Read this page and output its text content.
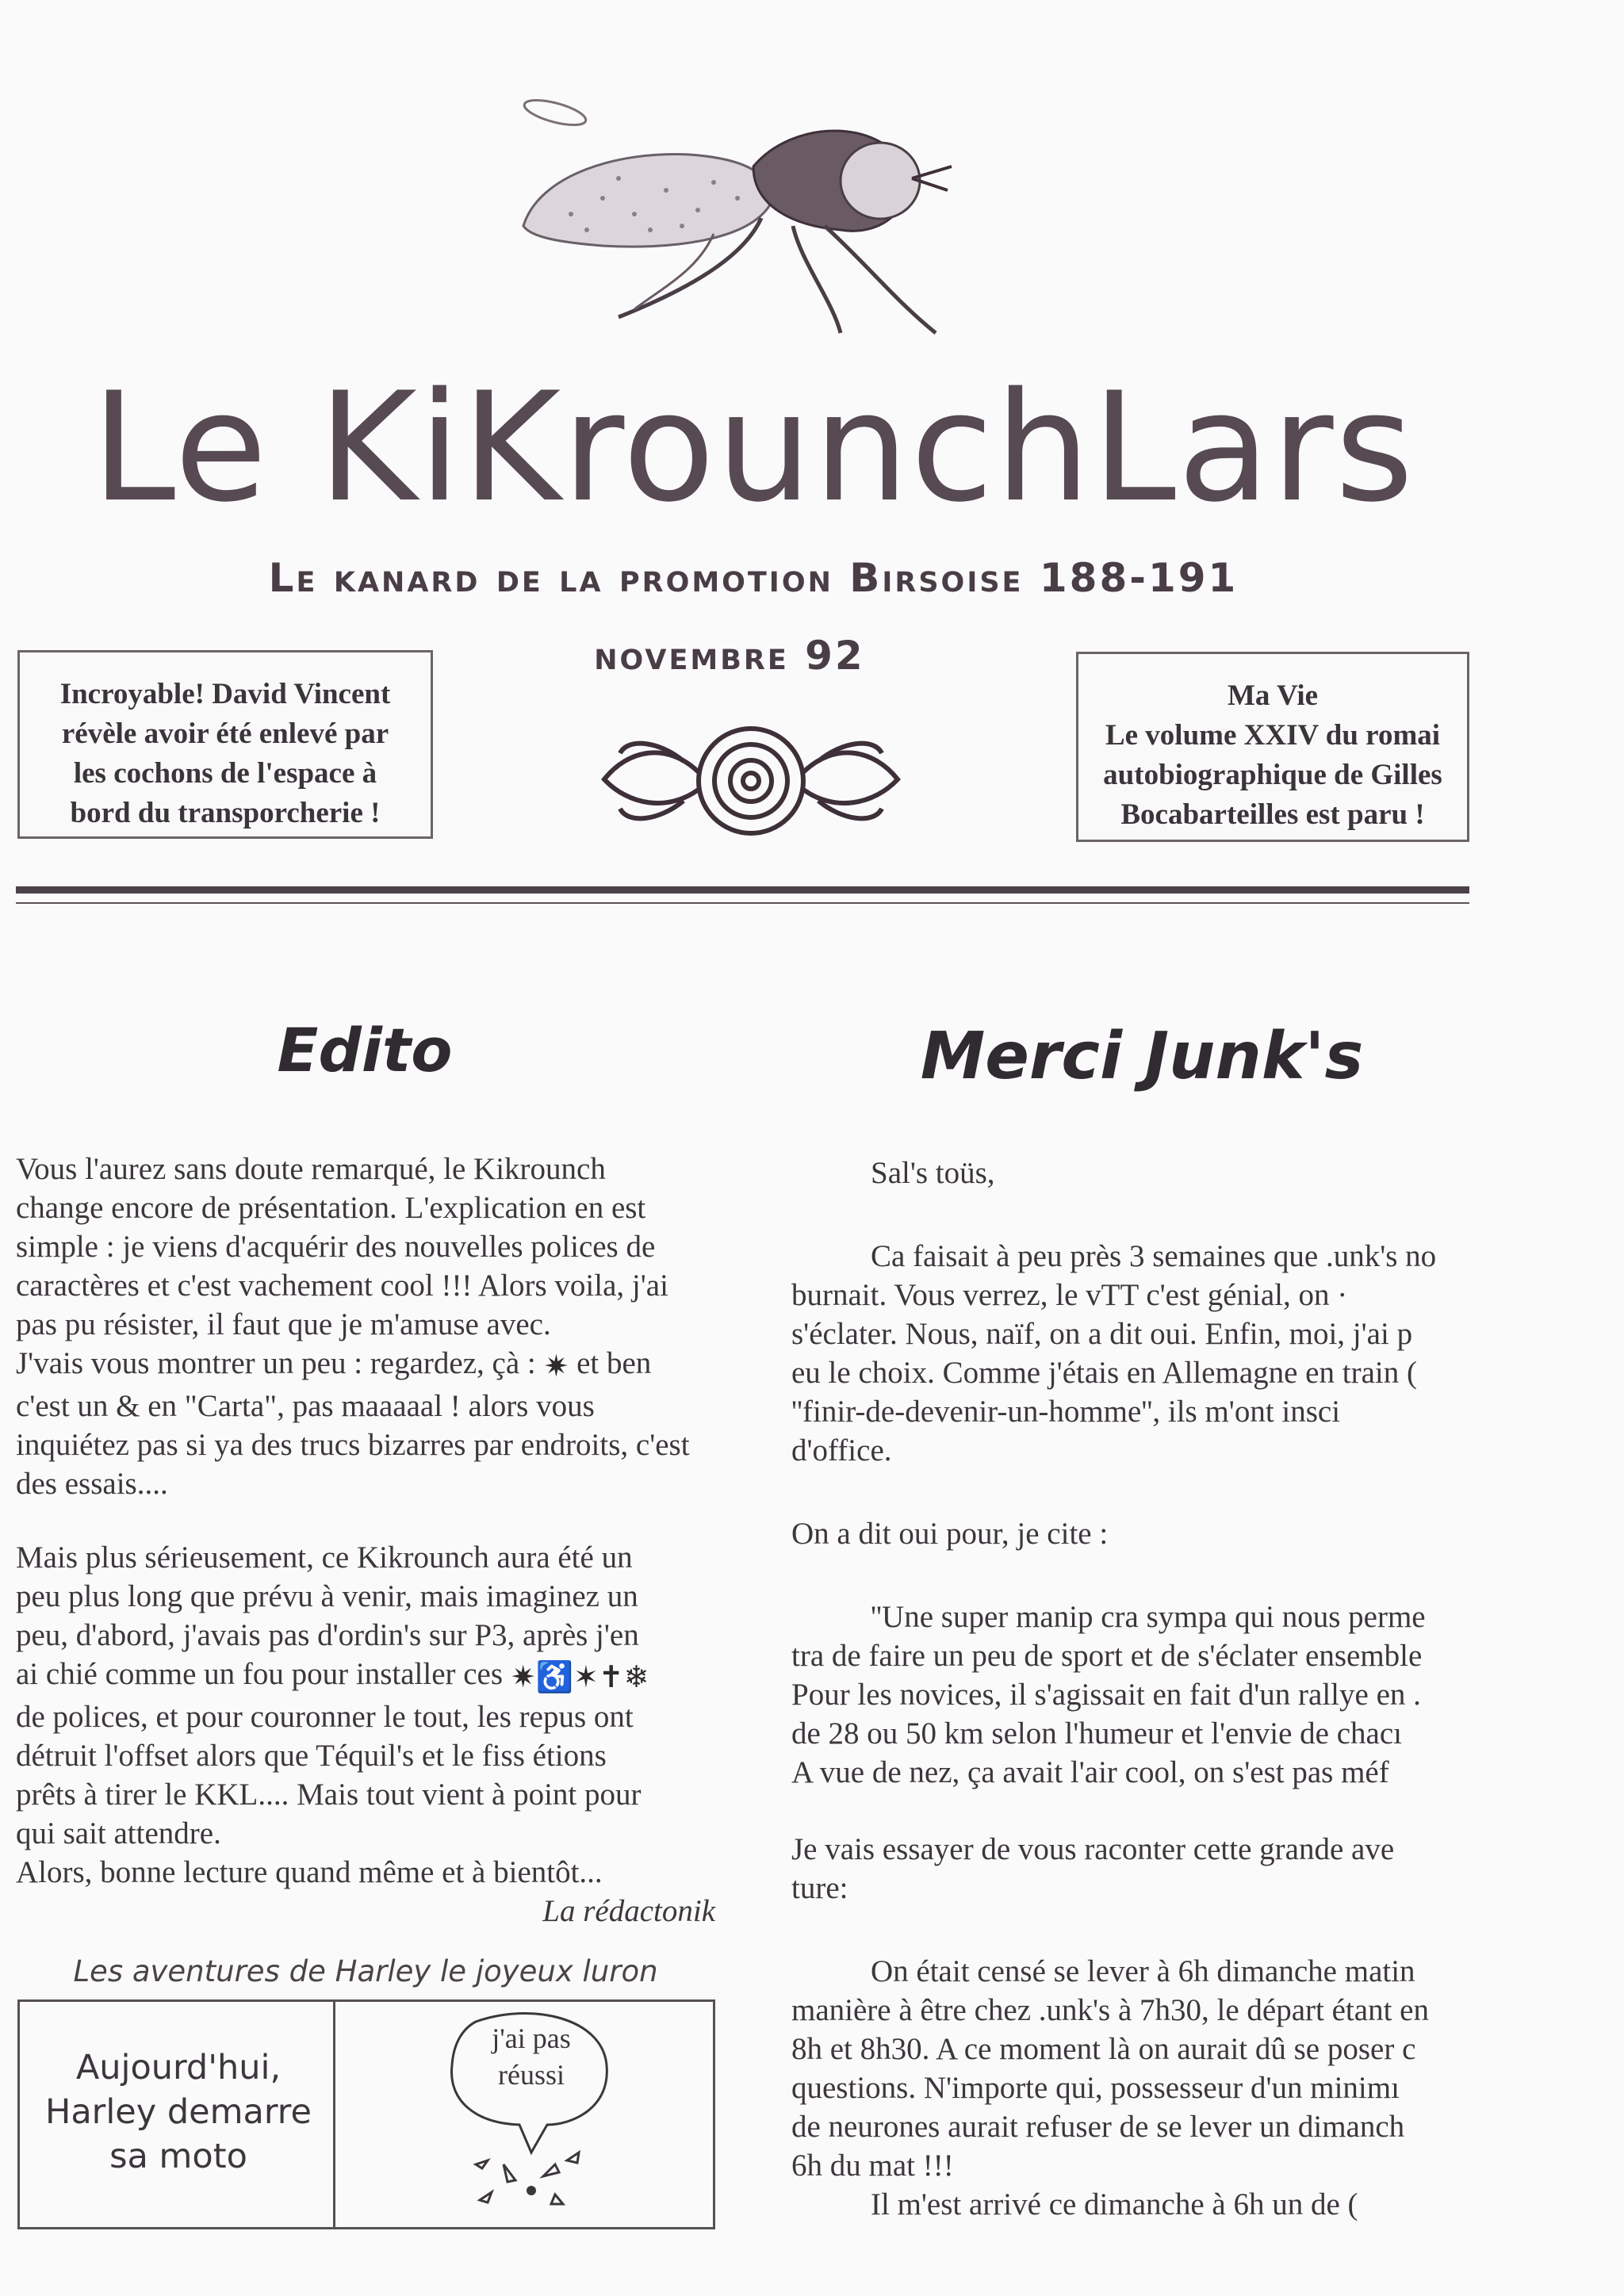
Le KiKrounchLars
Le kanard de la promotion Birsoise 188-191
novembre 92
Incroyable! David Vincent
révèle avoir été enlevé par
les cochons de l'espace à
bord du transporcherie !
Ma Vie
Le volume XXIV du romai
autobiographique de Gilles
Bocabarteilles est paru !
Edito

Vous l'aurez sans doute remarqué, le Kikrounch

change encore de présentation. L'explication en est

simple : je viens d'acquérir des nouvelles polices de

caractères et c'est vachement cool !!! Alors voila, j'ai

pas pu résister, il faut que je m'amuse avec.

J'vais vous montrer un peu : regardez, çà : ✷ et ben

c'est un & en "Carta", pas maaaaal ! alors vous

inquiétez pas si ya des trucs bizarres par endroits, c'est

des essais....

Mais plus sérieusement, ce Kikrounch aura été un

peu plus long que prévu à venir, mais imaginez un

peu, d'abord, j'avais pas d'ordin's sur P3, après j'en

ai chié comme un fou pour installer ces ✷♿✶✝❄

de polices, et pour couronner le tout, les repus ont

détruit l'offset alors que Téquil's et le fiss étions

prêts à tirer le KKL.... Mais tout vient à point pour

qui sait attendre.

Alors, bonne lecture quand même et à bientôt...

La rédactonik

Les aventures de Harley le joyeux luron
Aujourd'hui,
Harley demarre
sa moto
j'ai pas
réussi
Merci Junk's

Sal's toüs,

Ca faisait à peu près 3 semaines que .unk's no

burnait. Vous verrez, le vTT c'est génial, on ·

s'éclater. Nous, naïf, on a dit oui. Enfin, moi, j'ai p

eu le choix. Comme j'étais en Allemagne en train (

''finir-de-devenir-un-homme'', ils m'ont insci

d'office.

On a dit oui pour, je cite :

''Une super manip cra sympa qui nous perme

tra de faire un peu de sport et de s'éclater ensemble

Pour les novices, il s'agissait en fait d'un rallye en .

de 28 ou 50 km selon l'humeur et l'envie de chacı

A vue de nez, ça avait l'air cool, on s'est pas méf

Je vais essayer de vous raconter cette grande ave

ture:

On était censé se lever à 6h dimanche matin

manière à être chez .unk's à 7h30, le départ étant en

8h et 8h30. A ce moment là on aurait dû se poser c

questions. N'importe qui, possesseur d'un minimı

de neurones aurait refuser de se lever un dimanch

6h du mat !!!

Il m'est arrivé ce dimanche à 6h un de (
